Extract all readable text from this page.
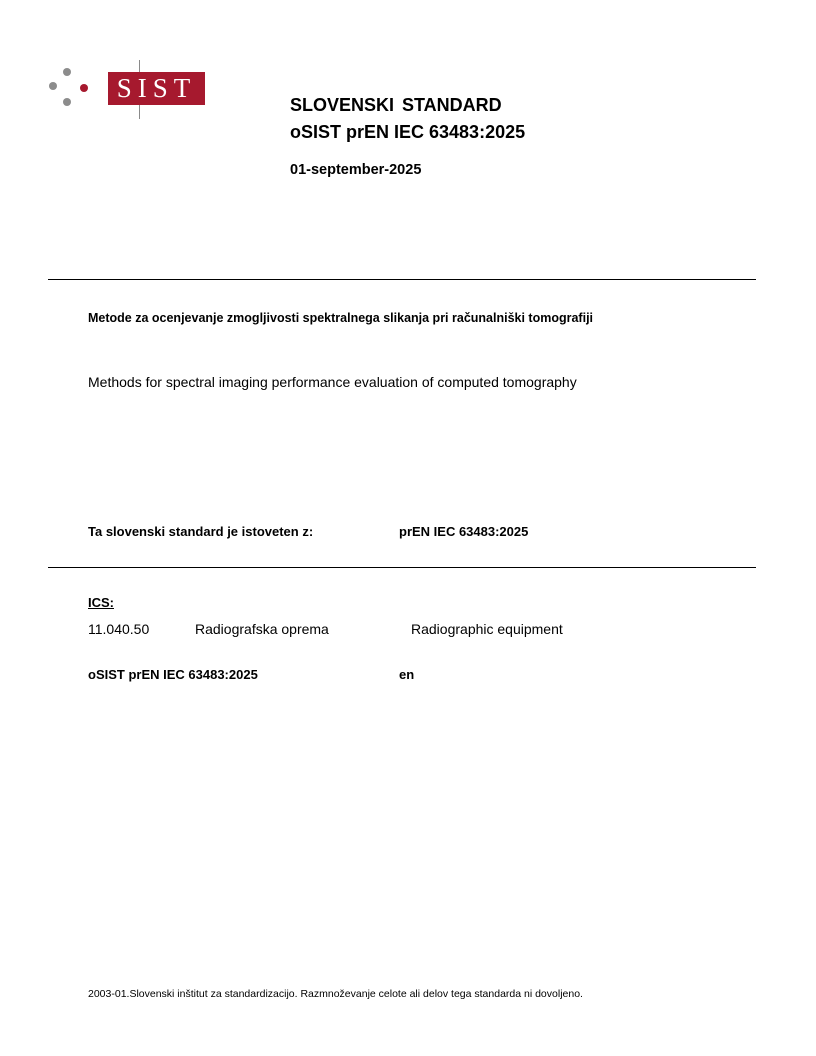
SIST
SLOVENSKI STANDARD
oSIST prEN IEC 63483:2025
01-september-2025
Metode za ocenjevanje zmogljivosti spektralnega slikanja pri računalniški tomografiji
Methods for spectral imaging performance evaluation of computed tomography
Ta slovenski standard je istoveten z:	prEN IEC 63483:2025
ICS:
11.040.50	Radiografska oprema	Radiographic equipment
oSIST prEN IEC 63483:2025	en
2003-01.Slovenski inštitut za standardizacijo. Razmnoževanje celote ali delov tega standarda ni dovoljeno.
